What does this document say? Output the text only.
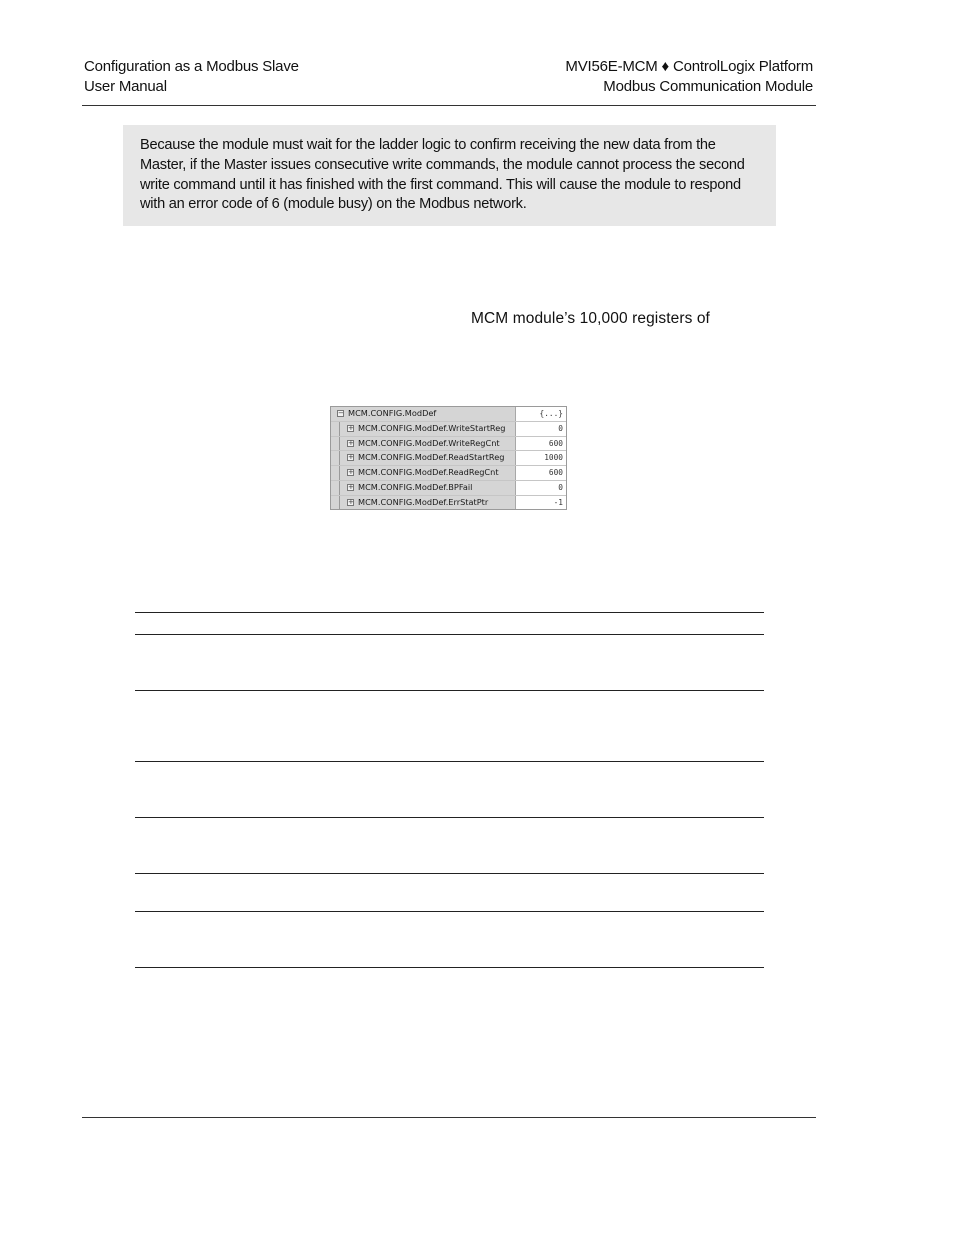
Configuration as a Modbus Slave
User Manual
MVI56E-MCM ♦ ControlLogix Platform
Modbus Communication Module
Because the module must wait for the ladder logic to confirm receiving the new data from the Master, if the Master issues consecutive write commands, the module cannot process the second write command until it has finished with the first command. This will cause the module to respond with an error code of 6 (module busy) on the Modbus network.
MCM module’s 10,000 registers of
− MCM.CONFIG.ModDef	{...}
+ MCM.CONFIG.ModDef.WriteStartReg	0
+ MCM.CONFIG.ModDef.WriteRegCnt	600
+ MCM.CONFIG.ModDef.ReadStartReg	1000
+ MCM.CONFIG.ModDef.ReadRegCnt	600
+ MCM.CONFIG.ModDef.BPFail	0
+ MCM.CONFIG.ModDef.ErrStatPtr	-1
